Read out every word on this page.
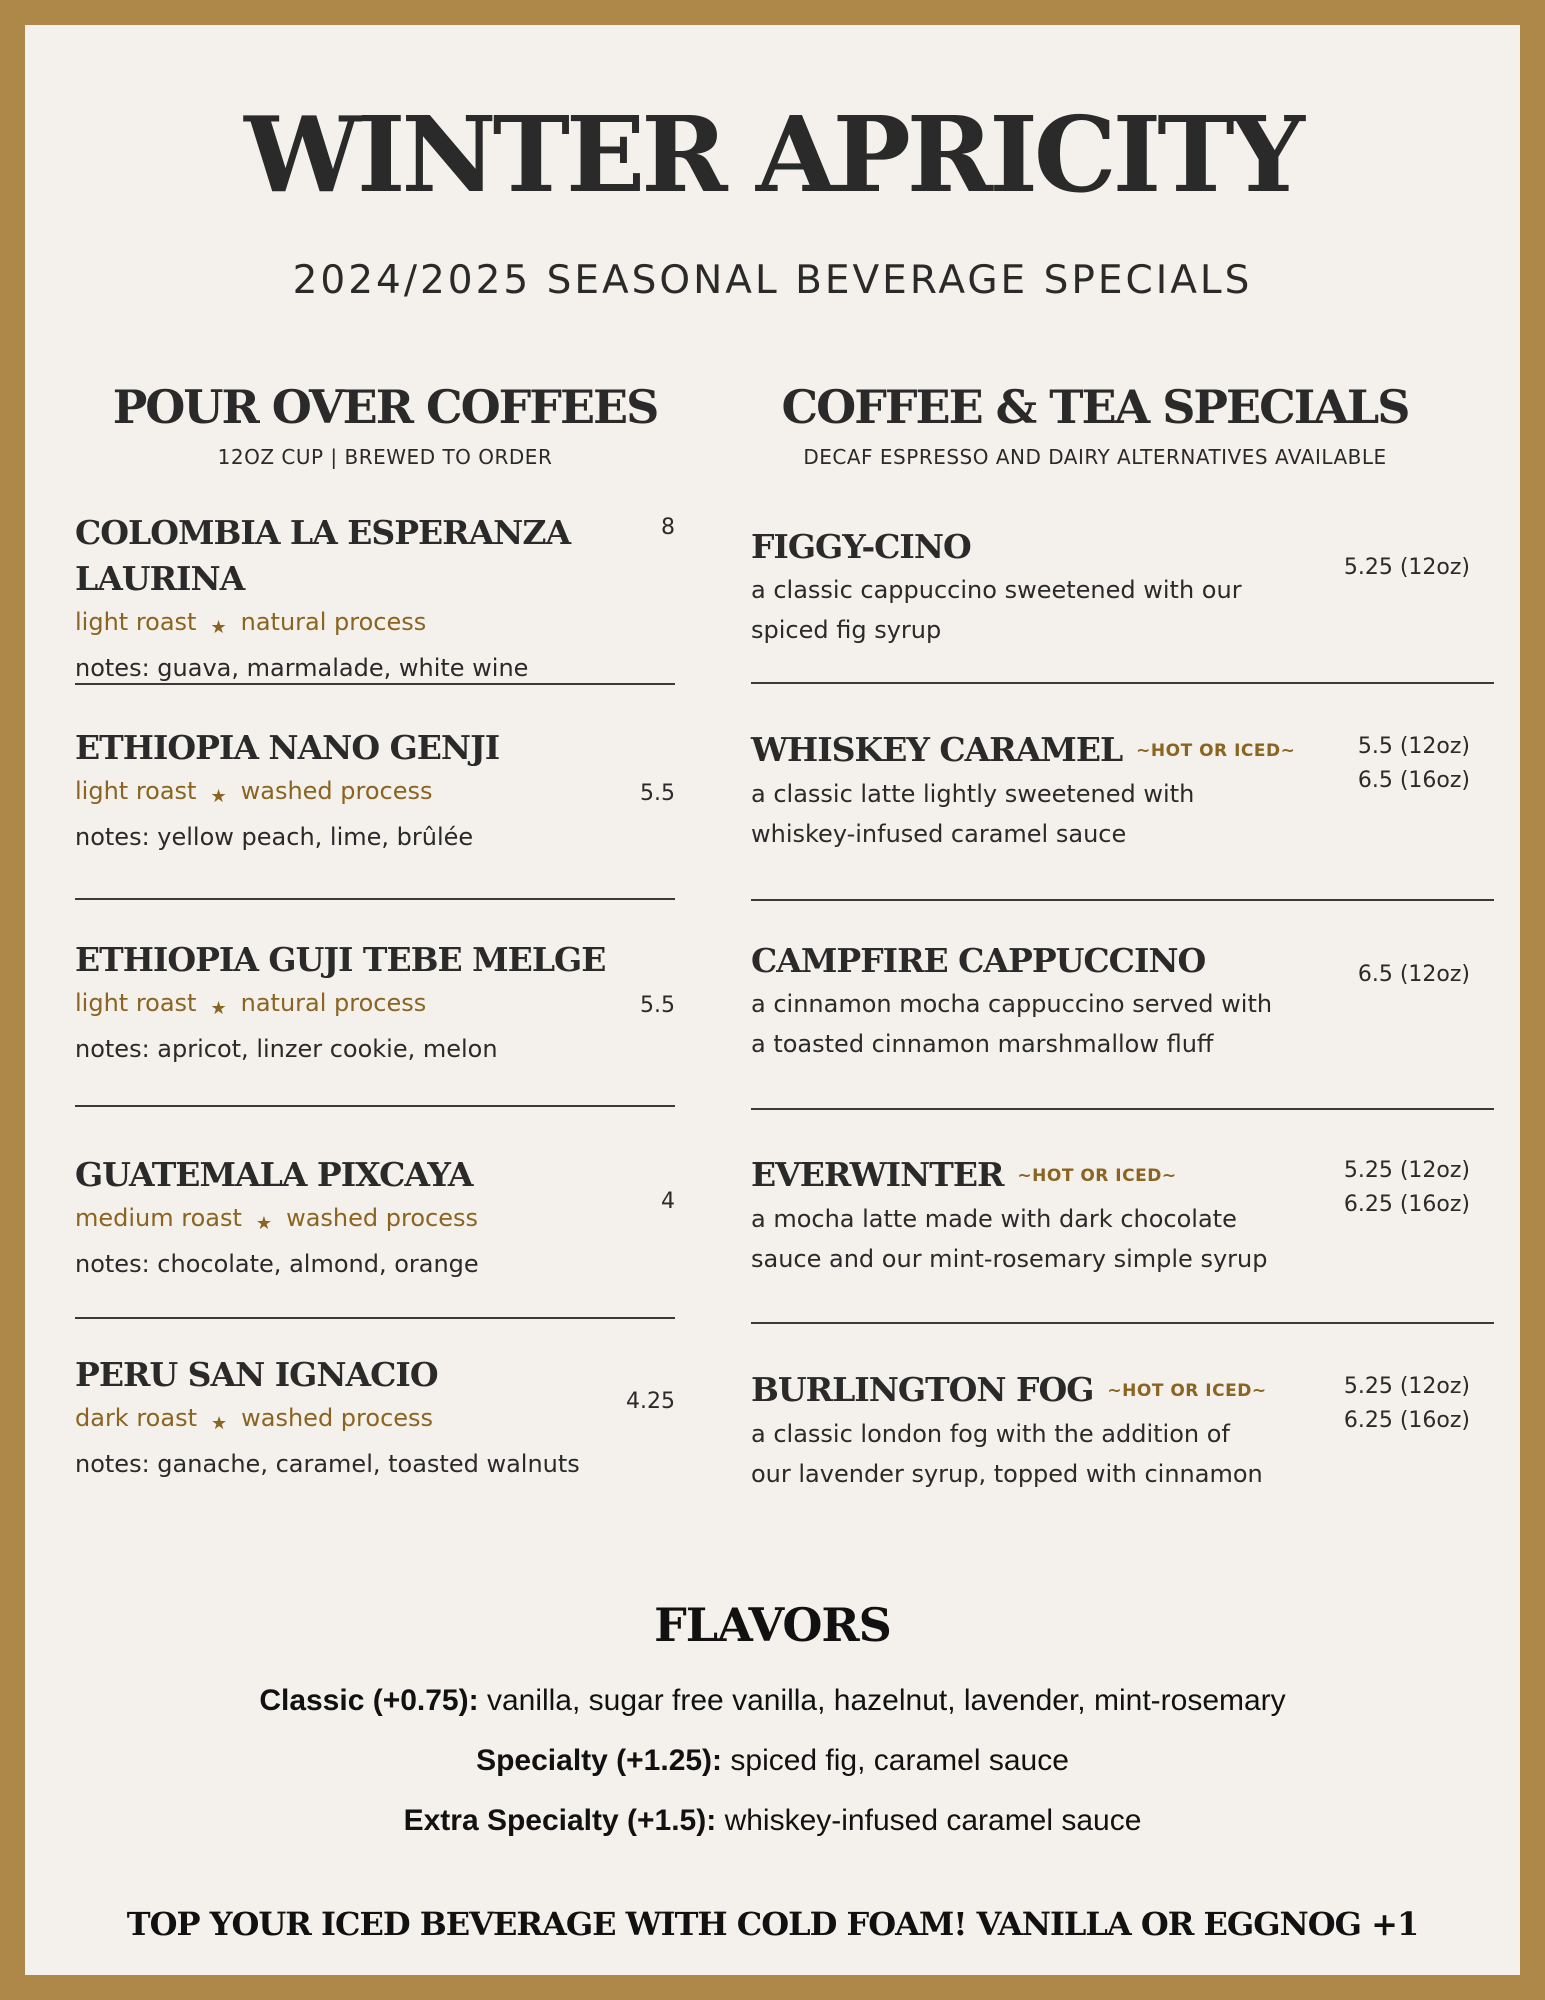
WINTER APRICITY
2024/2025 SEASONAL BEVERAGE SPECIALS
POUR OVER COFFEES
12OZ CUP | BREWED TO ORDER
COLOMBIA LA ESPERANZA
LAURINA
light roast ★ natural process
notes: guava, marmalade, white wine
8
ETHIOPIA NANO GENJI
light roast ★ washed process
notes: yellow peach, lime, brûlée
5.5
ETHIOPIA GUJI TEBE MELGE
light roast ★ natural process
notes: apricot, linzer cookie, melon
5.5
GUATEMALA PIXCAYA
medium roast ★ washed process
notes: chocolate, almond, orange
4
PERU SAN IGNACIO
dark roast ★ washed process
notes: ganache, caramel, toasted walnuts
4.25
COFFEE & TEA SPECIALS
DECAF ESPRESSO AND DAIRY ALTERNATIVES AVAILABLE
FIGGY-CINO
a classic cappuccino sweetened with our
spiced fig syrup
5.25 (12oz)
WHISKEY CARAMEL ~HOT OR ICED~
a classic latte lightly sweetened with
whiskey-infused caramel sauce
5.5 (12oz)
6.5 (16oz)
CAMPFIRE CAPPUCCINO
a cinnamon mocha cappuccino served with
a toasted cinnamon marshmallow fluff
6.5 (12oz)
EVERWINTER ~HOT OR ICED~
a mocha latte made with dark chocolate
sauce and our mint-rosemary simple syrup
5.25 (12oz)
6.25 (16oz)
BURLINGTON FOG ~HOT OR ICED~
a classic london fog with the addition of
our lavender syrup, topped with cinnamon
5.25 (12oz)
6.25 (16oz)
FLAVORS
Classic (+0.75): vanilla, sugar free vanilla, hazelnut, lavender, mint-rosemary
Specialty (+1.25): spiced fig, caramel sauce
Extra Specialty (+1.5): whiskey-infused caramel sauce
TOP YOUR ICED BEVERAGE WITH COLD FOAM! VANILLA OR EGGNOG +1
